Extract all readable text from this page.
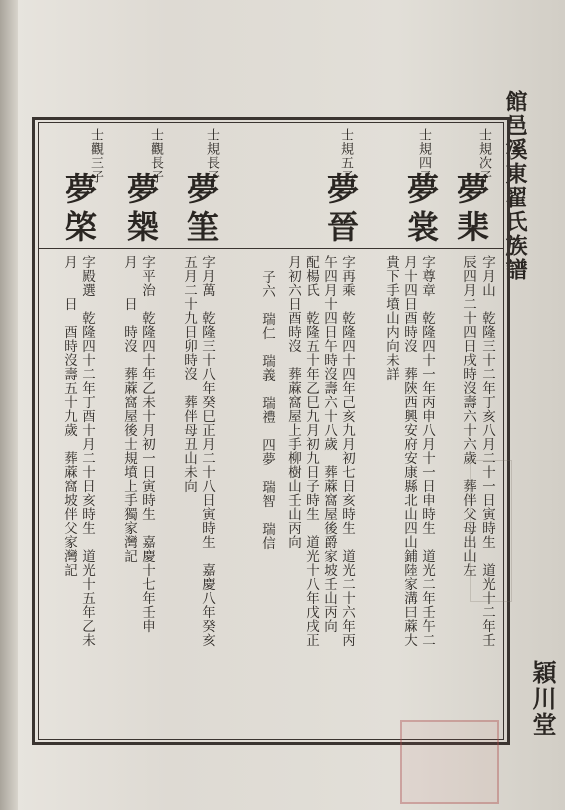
館邑溪東翟氏族譜
穎川堂
士規次子
夢棐
字月山　乾隆三十二年丁亥八月二十一日寅時生　道光十二年壬
辰四月二十四日戌時沒壽六十六歲　葬伴父母出山左
士規四子
夢裳
字尊章　乾隆四十一年丙申八月十一日申時生　道光二年壬午二
月十四日酉時沒　葬陝西興安府安康縣北山四山鋪陸家溝曰蔴大
貴下手墳山内向未詳
士規五子
夢晉
字再乘　乾隆四十四年己亥九月初七日亥時生　道光二十六年丙
午四月十四日午時沒壽六十八歲　葬蔴窩屋後爵家坡壬山丙向
配楊氏　乾隆五十年乙巳九月初九日子時生　道光十八年戊戌正
月初六日酉時沒　葬蔴窩屋上手柳樹山壬山丙向
子六　瑞仁　瑞義　瑞禮　四夢　瑞智　瑞信
士規長子
夢筀
字月萬　乾隆三十八年癸巳正月二十八日寅時生　嘉慶八年癸亥
五月二十九日卯時沒　葬伴母丑山未向
士觀長子
夢椝
字平治　乾隆四十年乙未十月初一日寅時生　嘉慶十七年壬申
月　　日　時沒　葬蔴窩屋後士規墳上手獨家灣記
士觀三子
夢棨
字殿選　乾隆四十二年丁酉十月二十日亥時生　道光十五年乙未
月　　日　酉時沒壽五十九歲　葬蔴窩坡伴父家灣記
